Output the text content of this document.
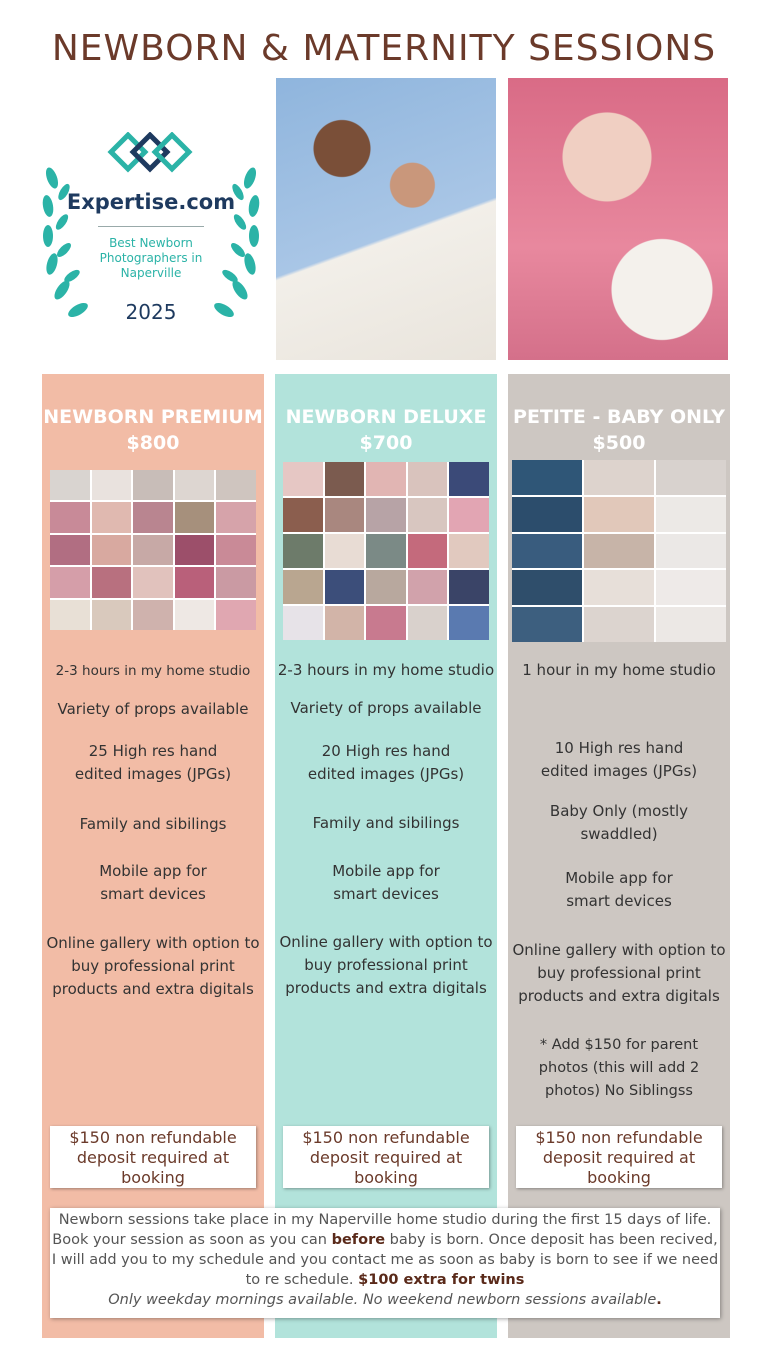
NEWBORN & MATERNITY SESSIONS
Expertise.com
Best Newborn Photographers in Naperville
2025
NEWBORN PREMIUM
$800
2-3 hours in my home studio
Variety of props available
25 High res hand edited images (JPGs)
Family and sibilings
Mobile app for smart devices
Online gallery with option to buy professional print products and extra digitals
$150 non refundable deposit required at booking
NEWBORN DELUXE
$700
2-3 hours in my home studio
Variety of props available
20 High res hand edited images (JPGs)
Family and sibilings
Mobile app for smart devices
Online gallery with option to buy professional print products and extra digitals
$150 non refundable deposit required at booking
PETITE - BABY ONLY
$500
1 hour in my home studio
10 High res hand edited images (JPGs)
Baby Only (mostly swaddled)
Mobile app for smart devices
Online gallery with option to buy professional print products and extra digitals
* Add $150 for parent photos (this will add 2 photos) No Siblingss
$150 non refundable deposit required at booking
Newborn sessions take place in my Naperville home studio during the first 15 days of life. Book your session as soon as you can before baby is born. Once deposit has been recived, I will add you to my schedule and you contact me as soon as baby is born to see if we need to re schedule. $100 extra for twins
Only weekday mornings available. No weekend newborn sessions available.
